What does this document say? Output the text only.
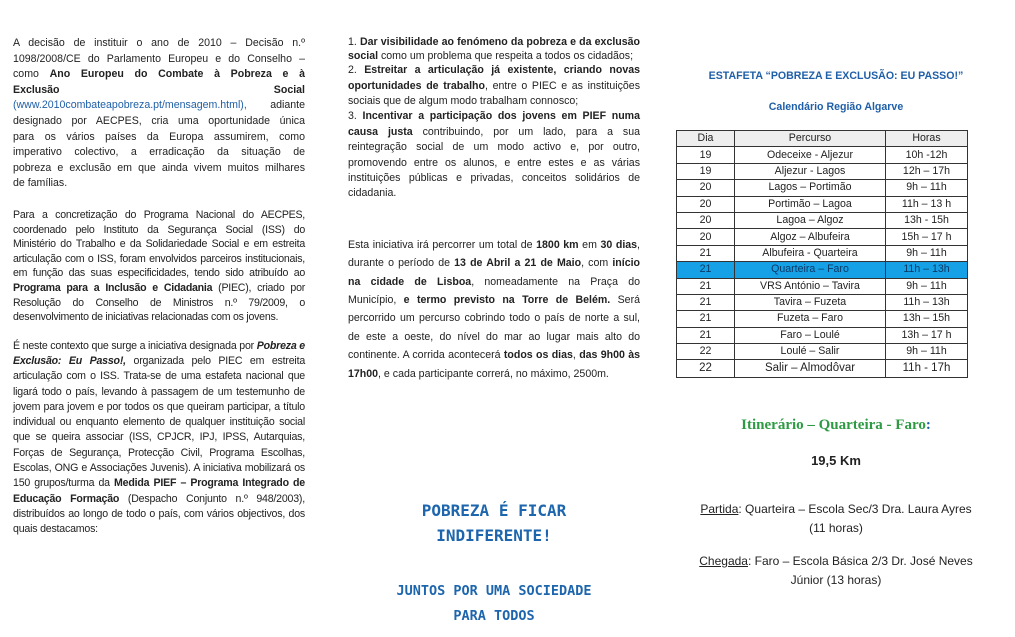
A decisão de instituir o ano de 2010 – Decisão n.º
1098/2008/CE do Parlamento Europeu e do Conselho –
como Ano Europeu do Combate à Pobreza e à
Exclusão	Social
(www.2010combateapobreza.pt/mensagem.html), adiante
designado por AECPES, cria uma oportunidade única
para os vários países da Europa assumirem, como
imperativo colectivo, a erradicação da situação de
pobreza e exclusão em que ainda vivem muitos milhares
de famílias.

Para a concretização do Programa Nacional do AECPES, coordenado pelo Instituto da Segurança Social (ISS) do Ministério do Trabalho e da Solidariedade Social e em estreita articulação com o ISS, foram envolvidos parceiros institucionais, em função das suas especificidades, tendo sido atribuído ao Programa para a Inclusão e Cidadania (PIEC), criado por Resolução do Conselho de Ministros n.º 79/2009, o desenvolvimento de iniciativas relacionadas com os jovens.

É neste contexto que surge a iniciativa designada por Pobreza e Exclusão: Eu Passo!, organizada pelo PIEC em estreita articulação com o ISS. Trata-se de uma estafeta nacional que ligará todo o país, levando à passagem de um testemunho de jovem para jovem e por todos os que queiram participar, a título individual ou enquanto elemento de qualquer instituição social que se queira associar (ISS, CPJCR, IPJ, IPSS, Autarquias, Forças de Segurança, Protecção Civil, Programa Escolhas, Escolas, ONG e Associações Juvenis). A iniciativa mobilizará os 150 grupos/turma da Medida PIEF – Programa Integrado de Educação Formação (Despacho Conjunto n.º 948/2003), distribuídos ao longo de todo o país, com vários objectivos, dos quais destacamos:

1. Dar visibilidade ao fenómeno da pobreza e da exclusão social como um problema que respeita a todos os cidadãos;

2. Estreitar a articulação já existente, criando novas oportunidades de trabalho, entre o PIEC e as instituições sociais que de algum modo trabalham connosco;

3. Incentivar a participação dos jovens em PIEF numa causa justa contribuindo, por um lado, para a sua reintegração social de um modo activo e, por outro, promovendo entre os alunos, e entre estes e as várias instituições públicas e privadas, conceitos solidários de cidadania.

Esta iniciativa irá percorrer um total de 1800 km em 30 dias, durante o período de 13 de Abril a 21 de Maio, com início na cidade de Lisboa, nomeadamente na Praça do Município, e termo previsto na Torre de Belém. Será percorrido um percurso cobrindo todo o país de norte a sul, de este a oeste, do nível do mar ao lugar mais alto do continente. A corrida acontecerá todos os dias, das 9h00 às 17h00, e cada participante correrá, no máximo, 2500m.

POBREZA É FICAR
INDIFERENTE!
JUNTOS POR UMA SOCIEDADE
PARA TODOS
ESTAFETA “POBREZA E EXCLUSÃO: EU PASSO!”
Calendário Região Algarve
Dia	Percurso	Horas
19	Odeceixe - Aljezur	10h -12h
19	Aljezur - Lagos	12h – 17h
20	Lagos – Portimão	9h – 11h
20	Portimão – Lagoa	11h – 13 h
20	Lagoa – Algoz	13h - 15h
20	Algoz – Albufeira	15h – 17 h
21	Albufeira - Quarteira	9h – 11h
21	Quarteira – Faro	11h – 13h
21	VRS António – Tavira	9h – 11h
21	Tavira – Fuzeta	11h – 13h
21	Fuzeta – Faro	13h – 15h
21	Faro – Loulé	13h – 17 h
22	Loulé – Salir	9h – 11h
22	Salir – Almodôvar	11h - 17h
Itinerário – Quarteira - Faro:
19,5 Km
Partida: Quarteira – Escola Sec/3 Dra. Laura Ayres
(11 horas)
Chegada: Faro – Escola Básica 2/3 Dr. José Neves
Júnior (13 horas)
